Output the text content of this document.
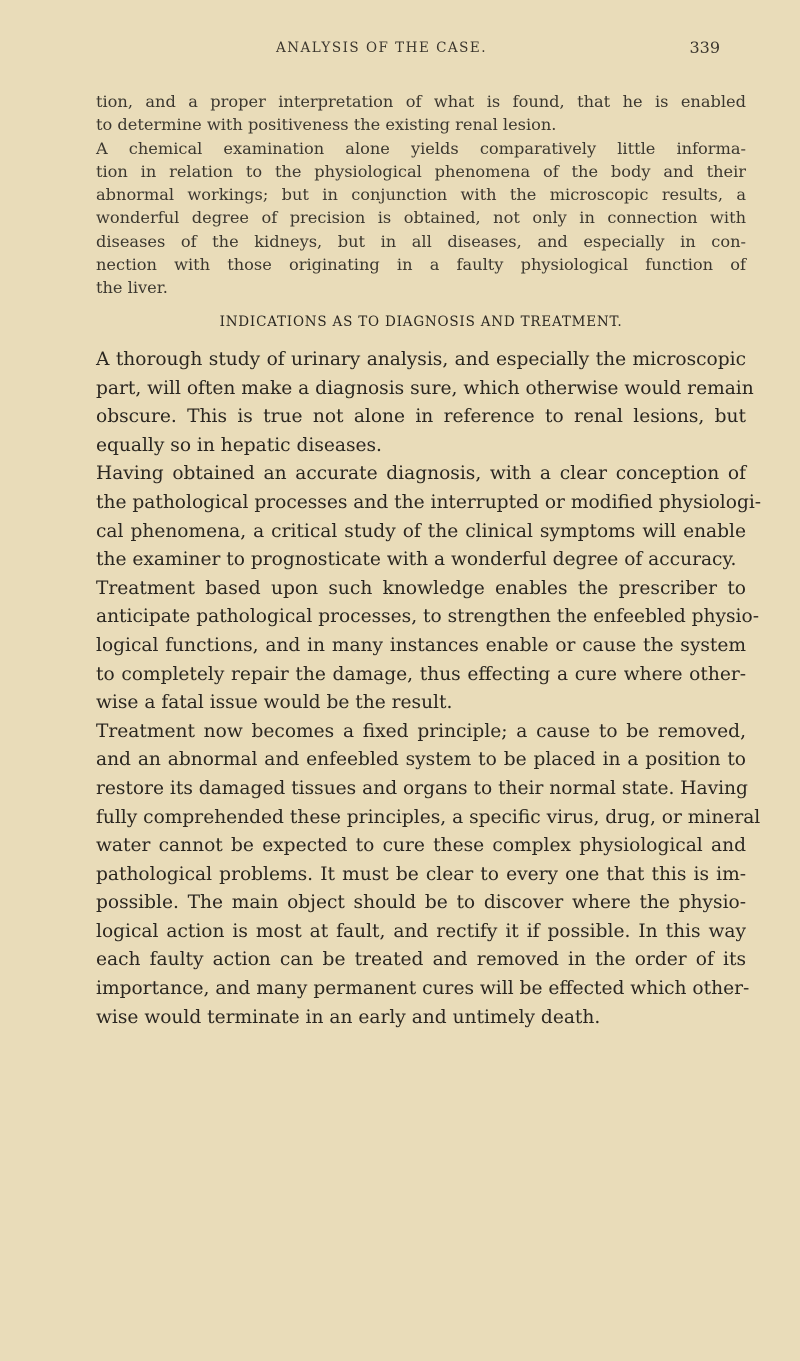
ANALYSIS OF THE CASE.	339
tion, and a proper interpretation of what is found, that he is enabled
to determine with positiveness the existing renal lesion.
A chemical examination alone yields comparatively little informa-
tion in relation to the physiological phenomena of the body and their
abnormal workings; but in conjunction with the microscopic results, a
wonderful degree of precision is obtained, not only in connection with
diseases of the kidneys, but in all diseases, and especially in con-
nection with those originating in a faulty physiological function of
the liver.
INDICATIONS AS TO DIAGNOSIS AND TREATMENT.
A thorough study of urinary analysis, and especially the microscopic
part, will often make a diagnosis sure, which otherwise would remain
obscure. This is true not alone in reference to renal lesions, but
equally so in hepatic diseases.
Having obtained an accurate diagnosis, with a clear conception of
the pathological processes and the interrupted or modified physiologi-
cal phenomena, a critical study of the clinical symptoms will enable
the examiner to prognosticate with a wonderful degree of accuracy.
Treatment based upon such knowledge enables the prescriber to
anticipate pathological processes, to strengthen the enfeebled physio-
logical functions, and in many instances enable or cause the system
to completely repair the damage, thus effecting a cure where other-
wise a fatal issue would be the result.
Treatment now becomes a fixed principle; a cause to be removed,
and an abnormal and enfeebled system to be placed in a position to
restore its damaged tissues and organs to their normal state. Having
fully comprehended these principles, a specific virus, drug, or mineral
water cannot be expected to cure these complex physiological and
pathological problems. It must be clear to every one that this is im-
possible. The main object should be to discover where the physio-
logical action is most at fault, and rectify it if possible. In this way
each faulty action can be treated and removed in the order of its
importance, and many permanent cures will be effected which other-
wise would terminate in an early and untimely death.
